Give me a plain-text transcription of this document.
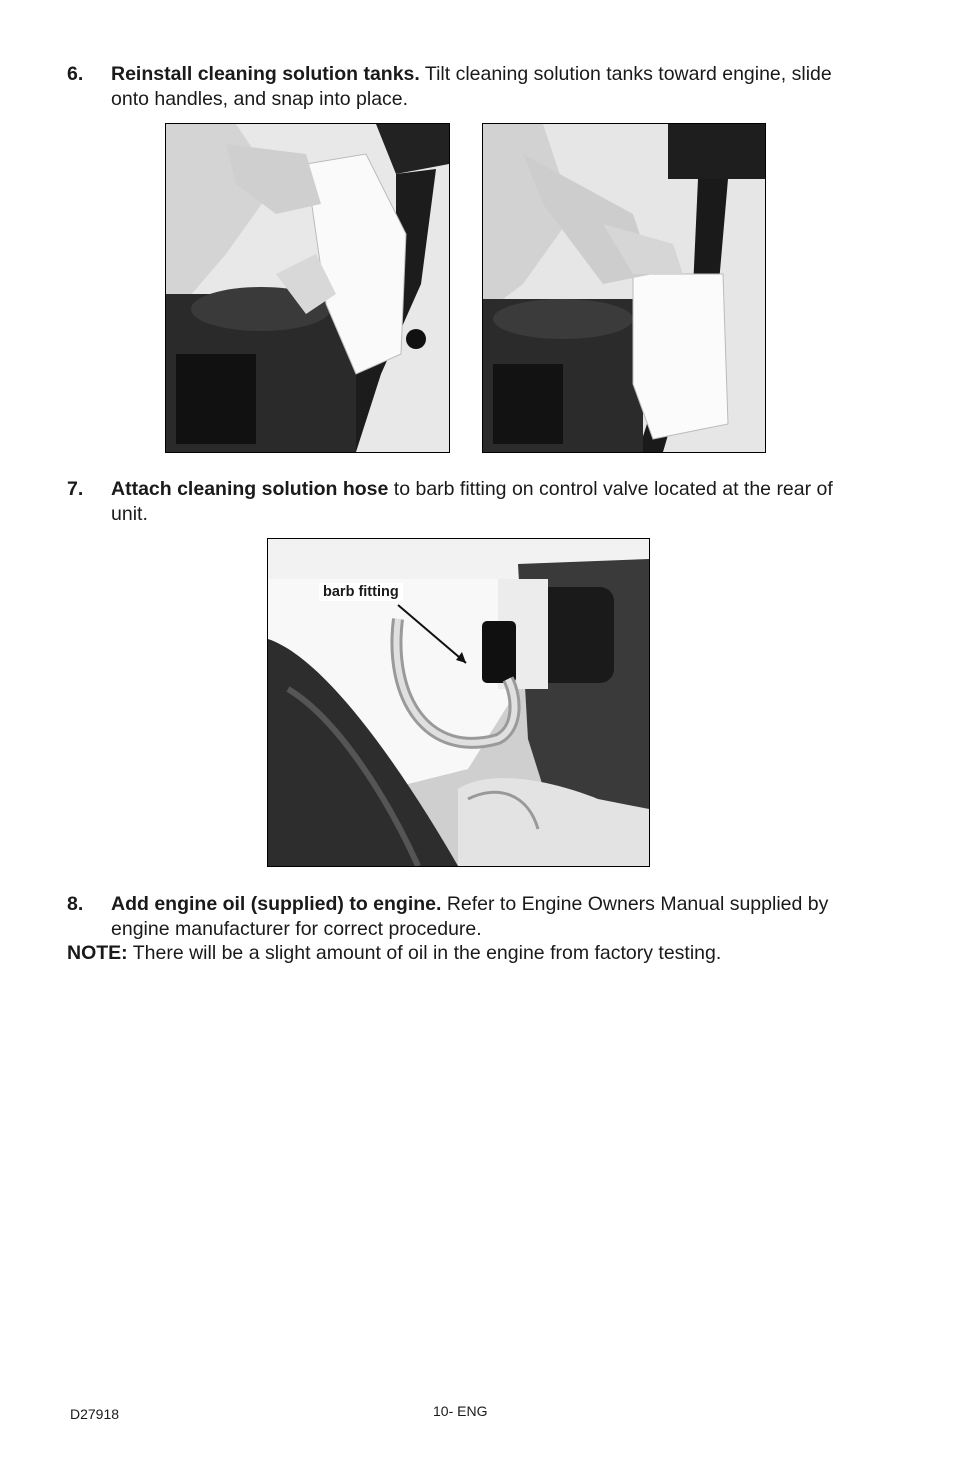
6. Reinstall cleaning solution tanks. Tilt cleaning solution tanks toward engine, slide onto handles, and snap into place.
7. Attach cleaning solution hose to barb fitting on control valve located at the rear of unit.
barb fitting
8. Add engine oil (supplied) to engine. Refer to Engine Owners Manual supplied by engine manufacturer for correct procedure.
NOTE: There will be a slight amount of oil in the engine from factory testing.
D27918	10- ENG
